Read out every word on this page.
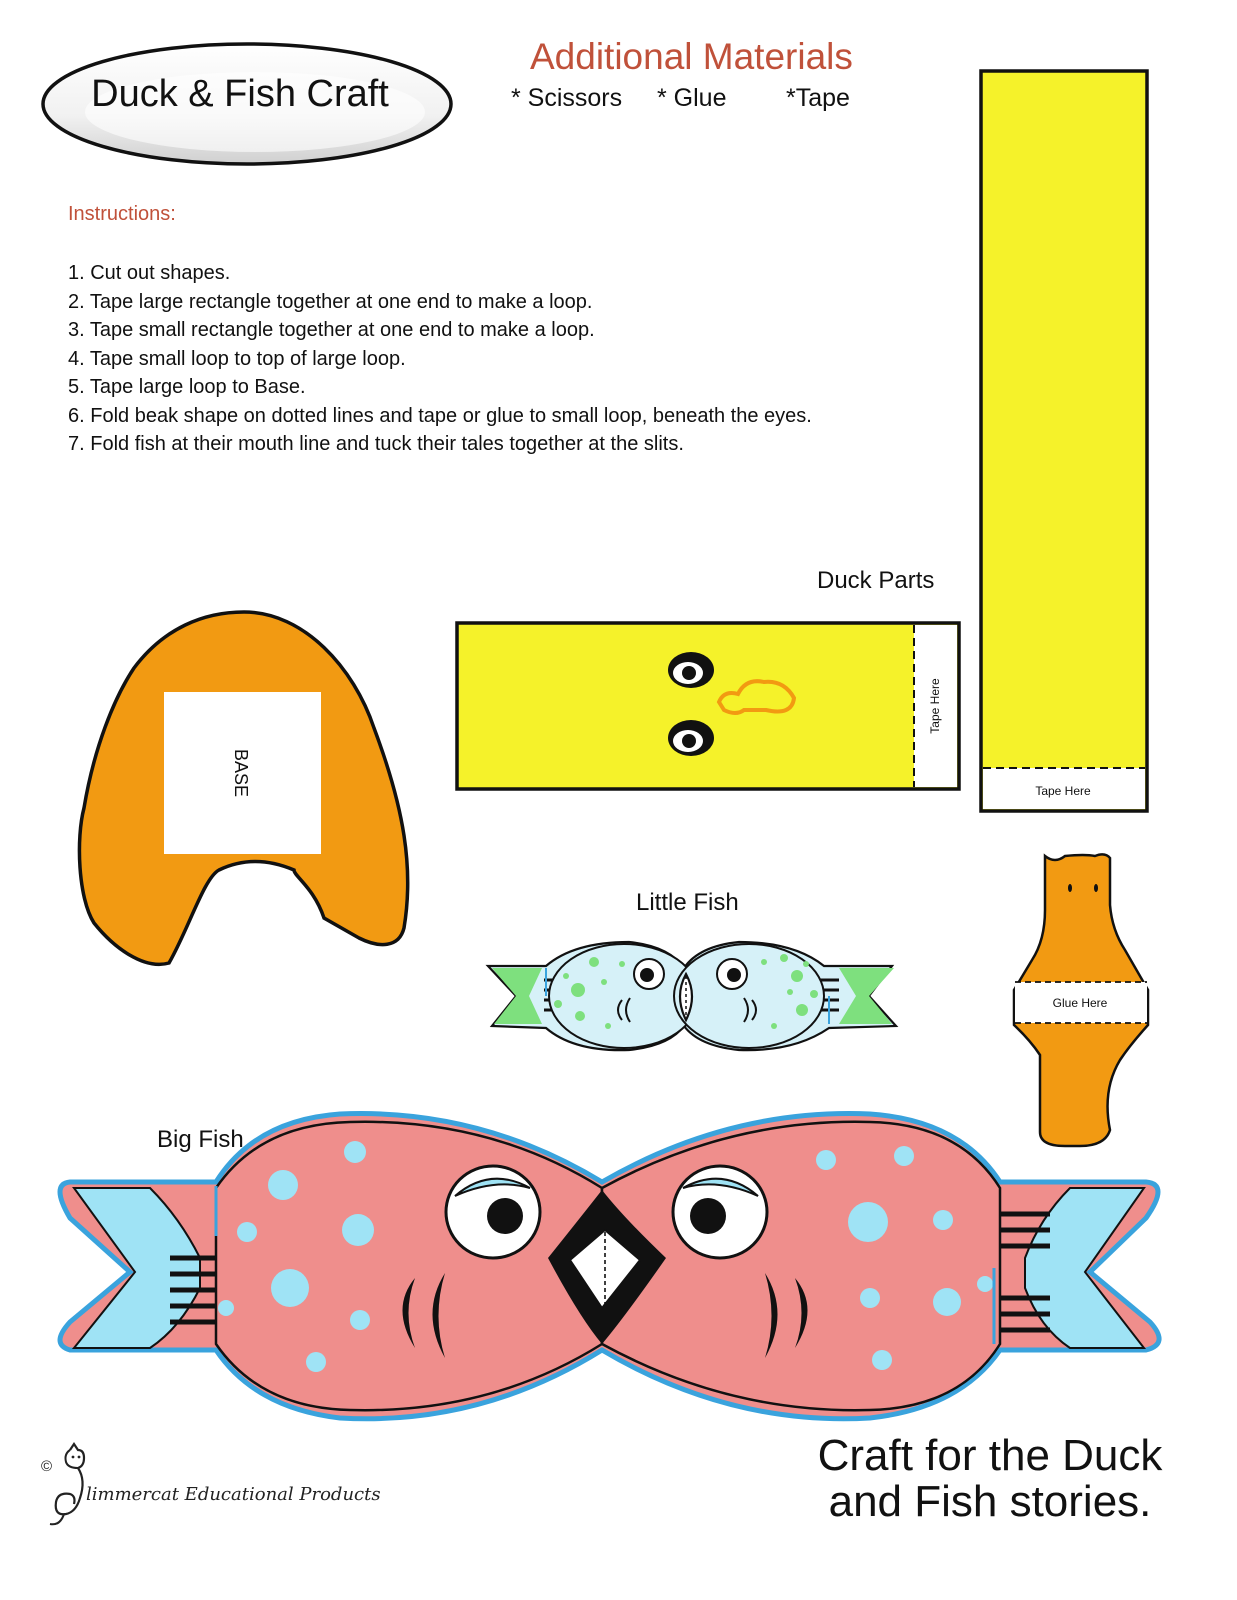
Duck & Fish Craft
Additional Materials
* Scissors * Glue *Tape
Instructions:
1. Cut out shapes.
2. Tape large rectangle together at one end to make a loop.
3. Tape small rectangle together at one end to make a loop.
4. Tape small loop to top of large loop.
5. Tape large loop to Base.
6. Fold beak shape on dotted lines and tape or glue to small loop, beneath the eyes.
7. Fold fish at their mouth line and tuck their tales together at the slits.
Duck Parts
Little Fish
Big Fish
Tape Here
Tape Here
BASE
Glue Here
Craft for the Duck
and Fish stories.
©
limmercat Educational Products
